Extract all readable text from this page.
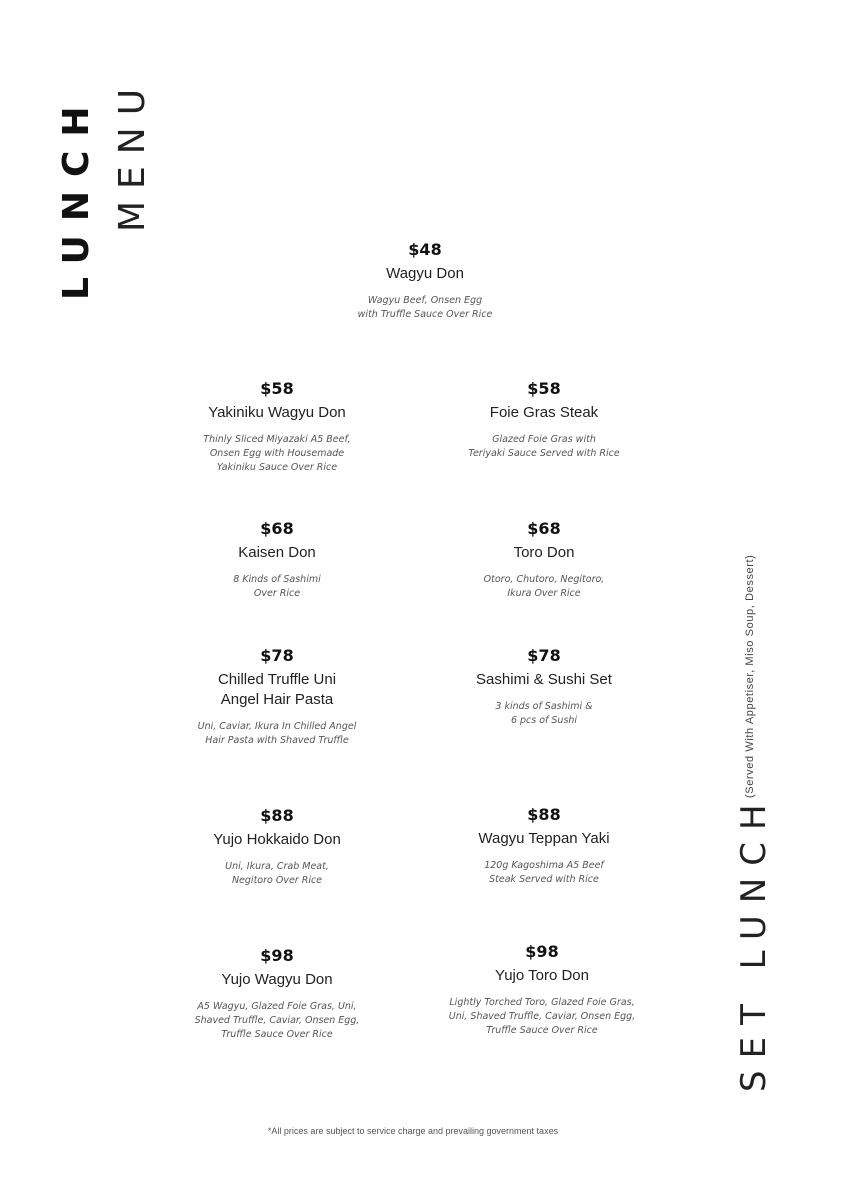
LUNCH MENU
SET LUNCH
(Served With Appetiser, Miso Soup, Dessert)
$48
Wagyu Don
Wagyu Beef, Onsen Egg
with Truffle Sauce Over Rice
$58
Yakiniku Wagyu Don
Thinly Sliced Miyazaki A5 Beef,
Onsen Egg with Housemade
Yakiniku Sauce Over Rice
$58
Foie Gras Steak
Glazed Foie Gras with
Teriyaki Sauce Served with Rice
$68
Kaisen Don
8 Kinds of Sashimi
Over Rice
$68
Toro Don
Otoro, Chutoro, Negitoro,
Ikura Over Rice
$78
Chilled Truffle Uni
Angel Hair Pasta
Uni, Caviar, Ikura In Chilled Angel
Hair Pasta with Shaved Truffle
$78
Sashimi & Sushi Set
3 kinds of Sashimi &
6 pcs of Sushi
$88
Yujo Hokkaido Don
Uni, Ikura, Crab Meat,
Negitoro Over Rice
$88
Wagyu Teppan Yaki
120g Kagoshima A5 Beef
Steak Served with Rice
$98
Yujo Wagyu Don
A5 Wagyu, Glazed Foie Gras, Uni,
Shaved Truffle, Caviar, Onsen Egg,
Truffle Sauce Over Rice
$98
Yujo Toro Don
Lightly Torched Toro, Glazed Foie Gras,
Uni, Shaved Truffle, Caviar, Onsen Egg,
Truffle Sauce Over Rice
*All prices are subject to service charge and prevailing government taxes
